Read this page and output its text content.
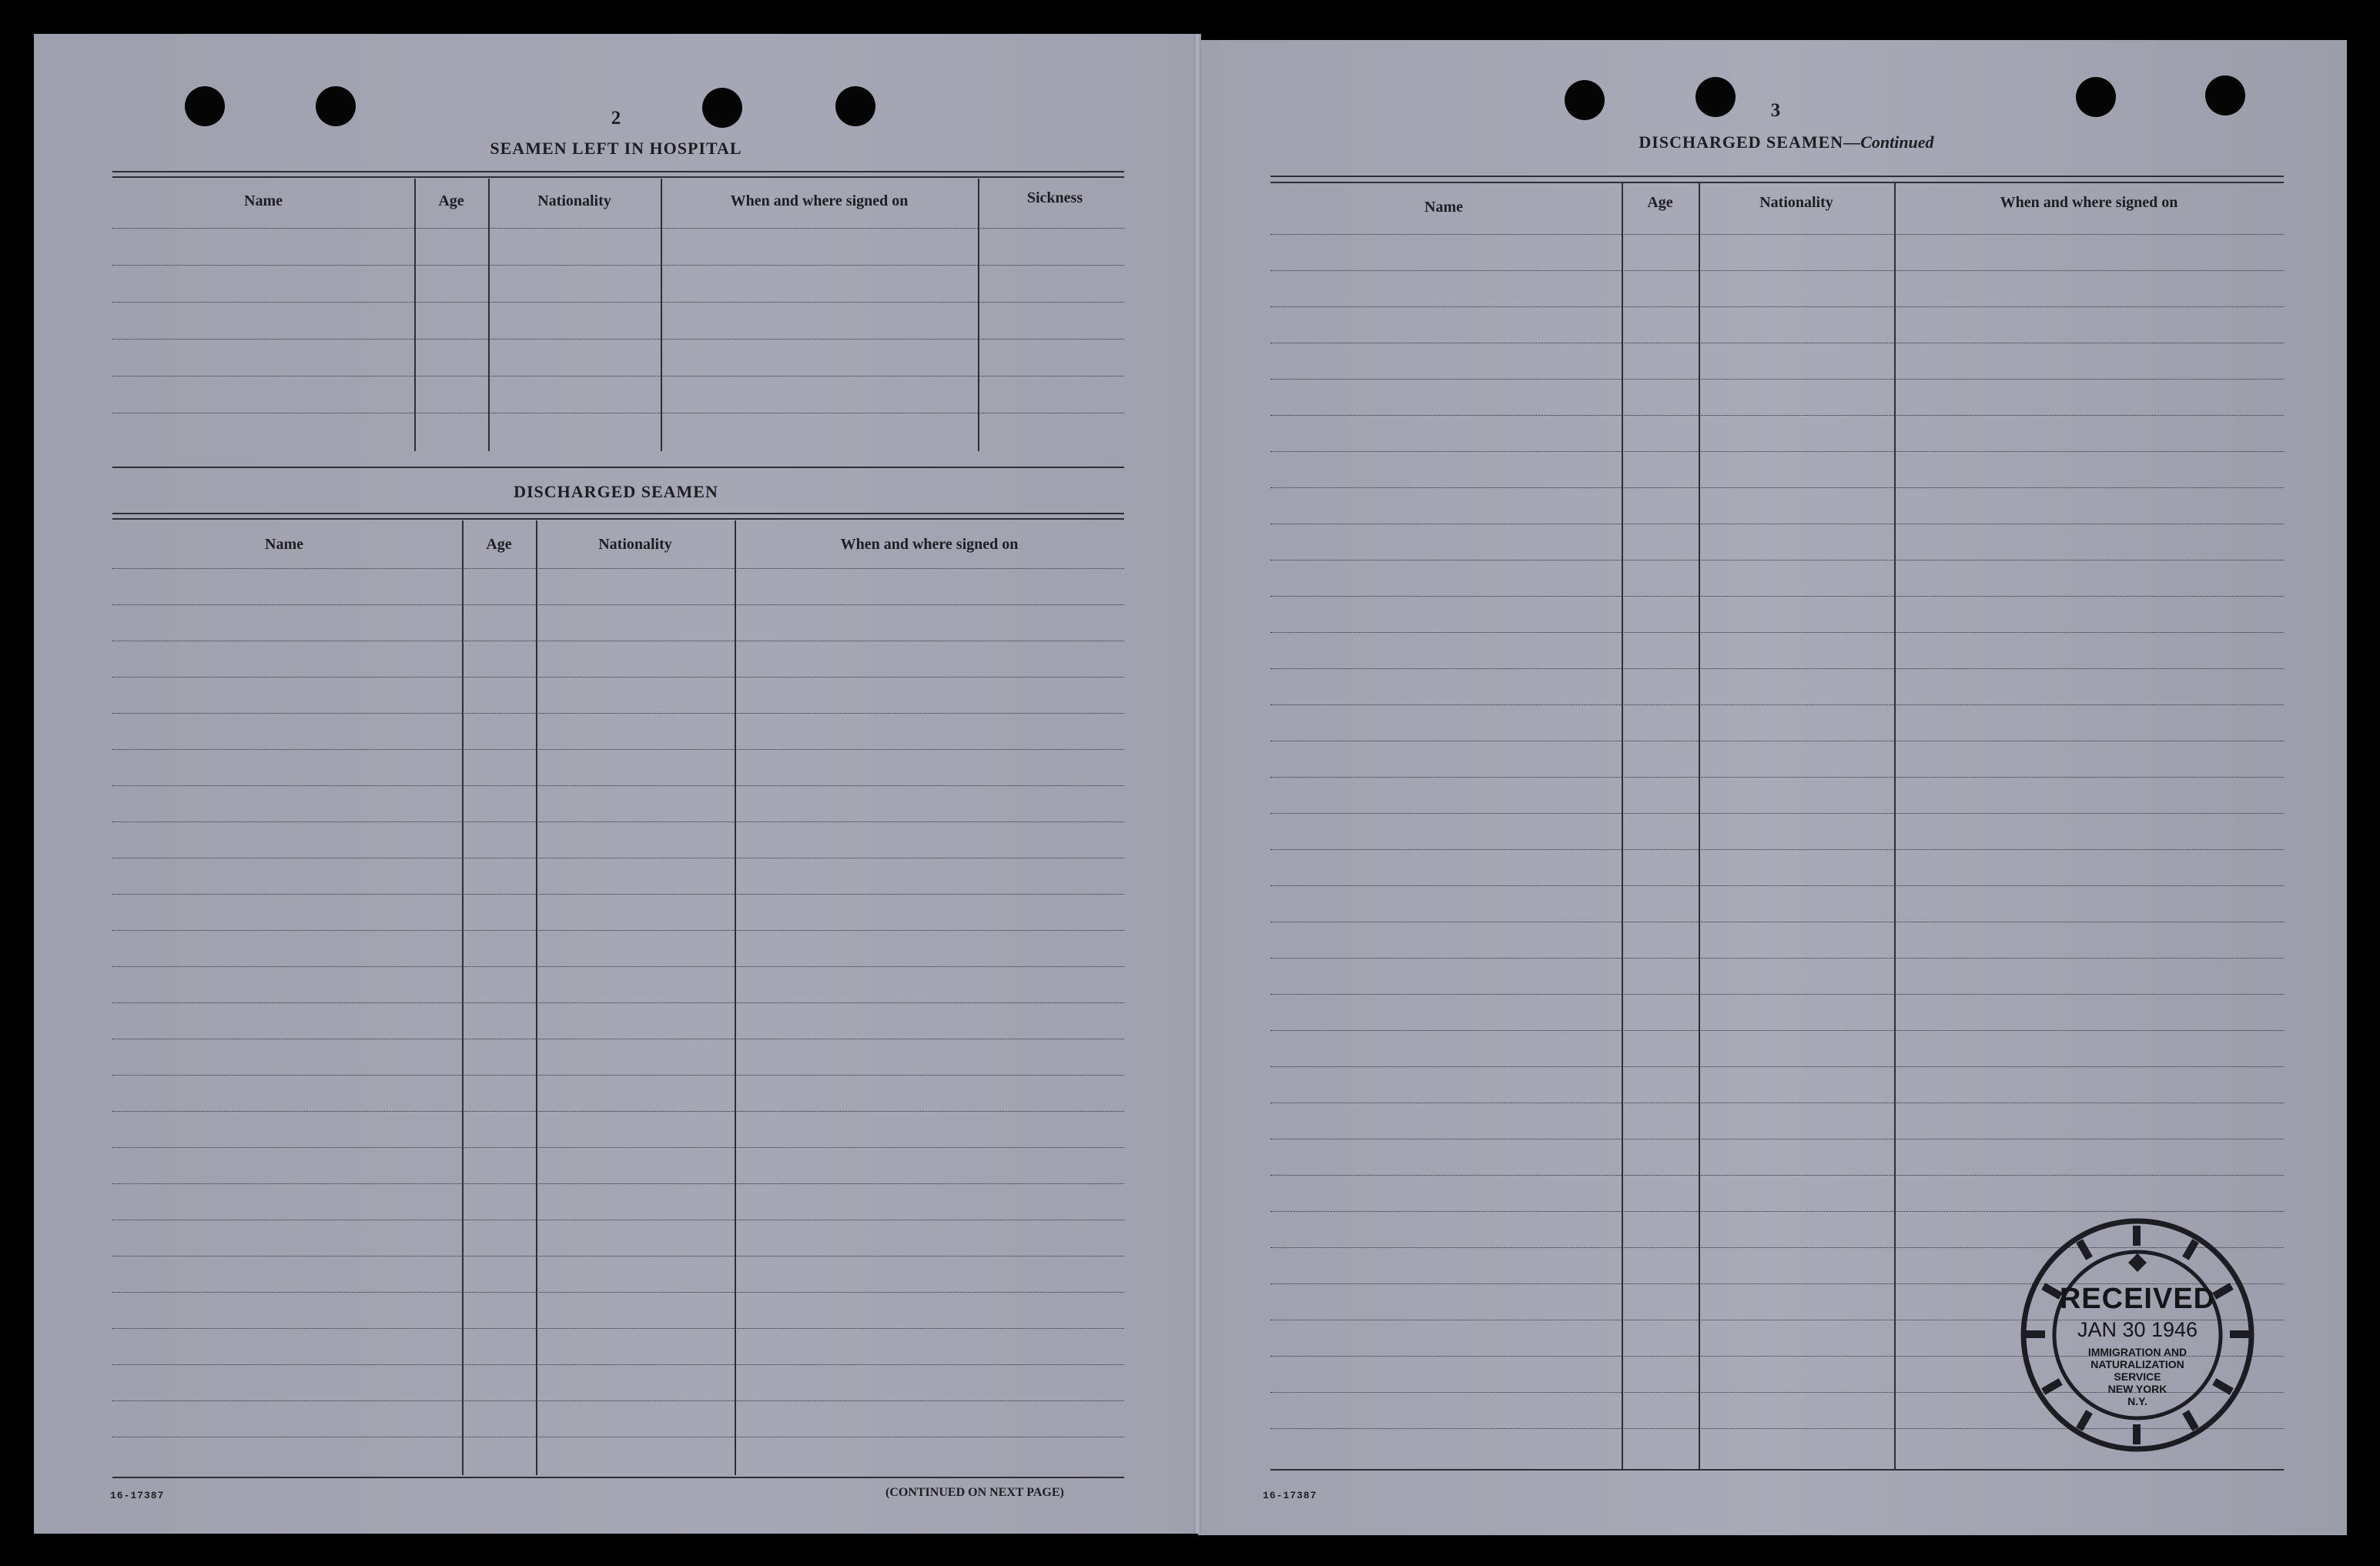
2
SEAMEN LEFT IN HOSPITAL
Name	Age	Nationality	When and where signed on	Sickness
DISCHARGED SEAMEN
Name	Age	Nationality	When and where signed on
16-17387	(CONTINUED ON NEXT PAGE)
3
DISCHARGED SEAMEN—Continued
Name	Age	Nationality	When and where signed on
16-17387
RECEIVED
JAN 30 1946
IMMIGRATION AND
NATURALIZATION
SERVICE
NEW YORK
N.Y.
